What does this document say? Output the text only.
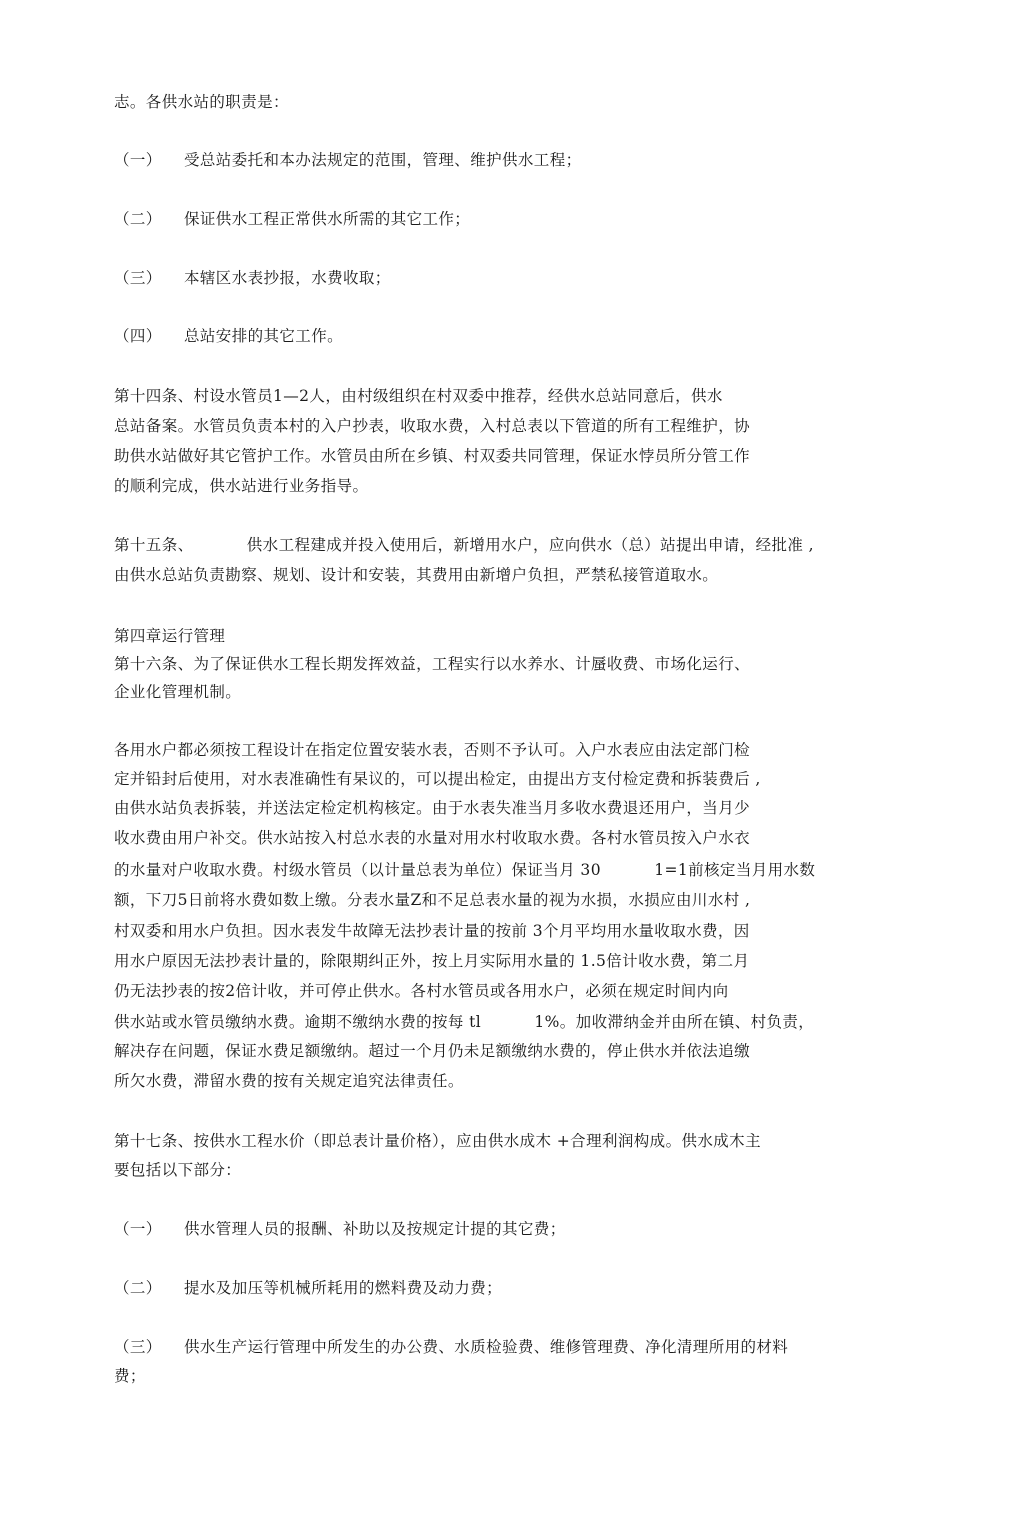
志。各供水站的职责是：
（一） 受总站委托和本办法规定的范围，管理、维护供水工程；
（二） 保证供水工程正常供水所需的其它工作；
（三） 本辖区水表抄报，水费收取；
（四） 总站安排的其它工作。
第十四条、村设水管员1—2人，由村级组织在村双委中推荐，经供水总站同意后，供水
总站备案。水管员负责本村的入户抄表，收取水费，入村总表以下管道的所有工程维护，协
助供水站做好其它管护工作。水管员由所在乡镇、村双委共同管理，保证水悖员所分管工作
的顺利完成，供水站进行业务指导。
第十五条、          供水工程建成并投入使用后，新增用水户，应向供水（总）站提出申请，经批准 ,
由供水总站负责勘察、规划、设计和安装，其费用由新增户负担，严禁私接管道取水。
第四章运行管理
第十六条、为了保证供水工程长期发挥效益，工程实行以水养水、计蜃收费、市场化运行、
企业化管理机制。
各用水户都必须按工程设计在指定位置安装水表，否则不予认可。入户水表应由法定部门检
定并铅封后使用，对水表准确性有杲议的，可以提出检定，由提出方支付检定费和拆装费后 ,
由供水站负表拆装，并送法定检定机构核定。由于水表失准当月多收水费退还用户，当月少
收水费由用户补交。供水站按入村总水表的水量对用水村收取水费。各村水管员按入户水衣
的水量对户收取水费。村级水管员（以计量总表为单位）保证当月 30          1=1前核定当月用水数
额，下刀5日前将水费如数上缴。分表水量Z和不足总表水量的视为水损，水损应由川水村 ,
村双委和用水户负担。因水表发牛故障无法抄表计量的按前 3个月平均用水量收取水费，因
用水户原因无法抄表计量的，除限期纠正外，按上月实际用水量的 1.5倍计收水费，第二月
仍无法抄表的按2倍计收，并可停止供水。各村水管员或各用水户，必须在规定时间内向
供水站或水管员缴纳水费。逾期不缴纳水费的按每 tl          1%。加收滞纳金并由所在镇、村负责，
解决存在问题，保证水费足额缴纳。超过一个月仍未足额缴纳水费的，停止供水并依法追缴
所欠水费，滞留水费的按有关规定追究法律责任。
第十七条、按供水工程水价（即总表计量价格），应由供水成木 +合理利润构成。供水成木主
要包括以下部分：
（一） 供水管理人员的报酬、补助以及按规定计提的其它费；
（二） 提水及加压等机械所耗用的燃料费及动力费；
（三） 供水生产运行管理中所发生的办公费、水质检验费、维修管理费、净化清理所用的材料
费；
